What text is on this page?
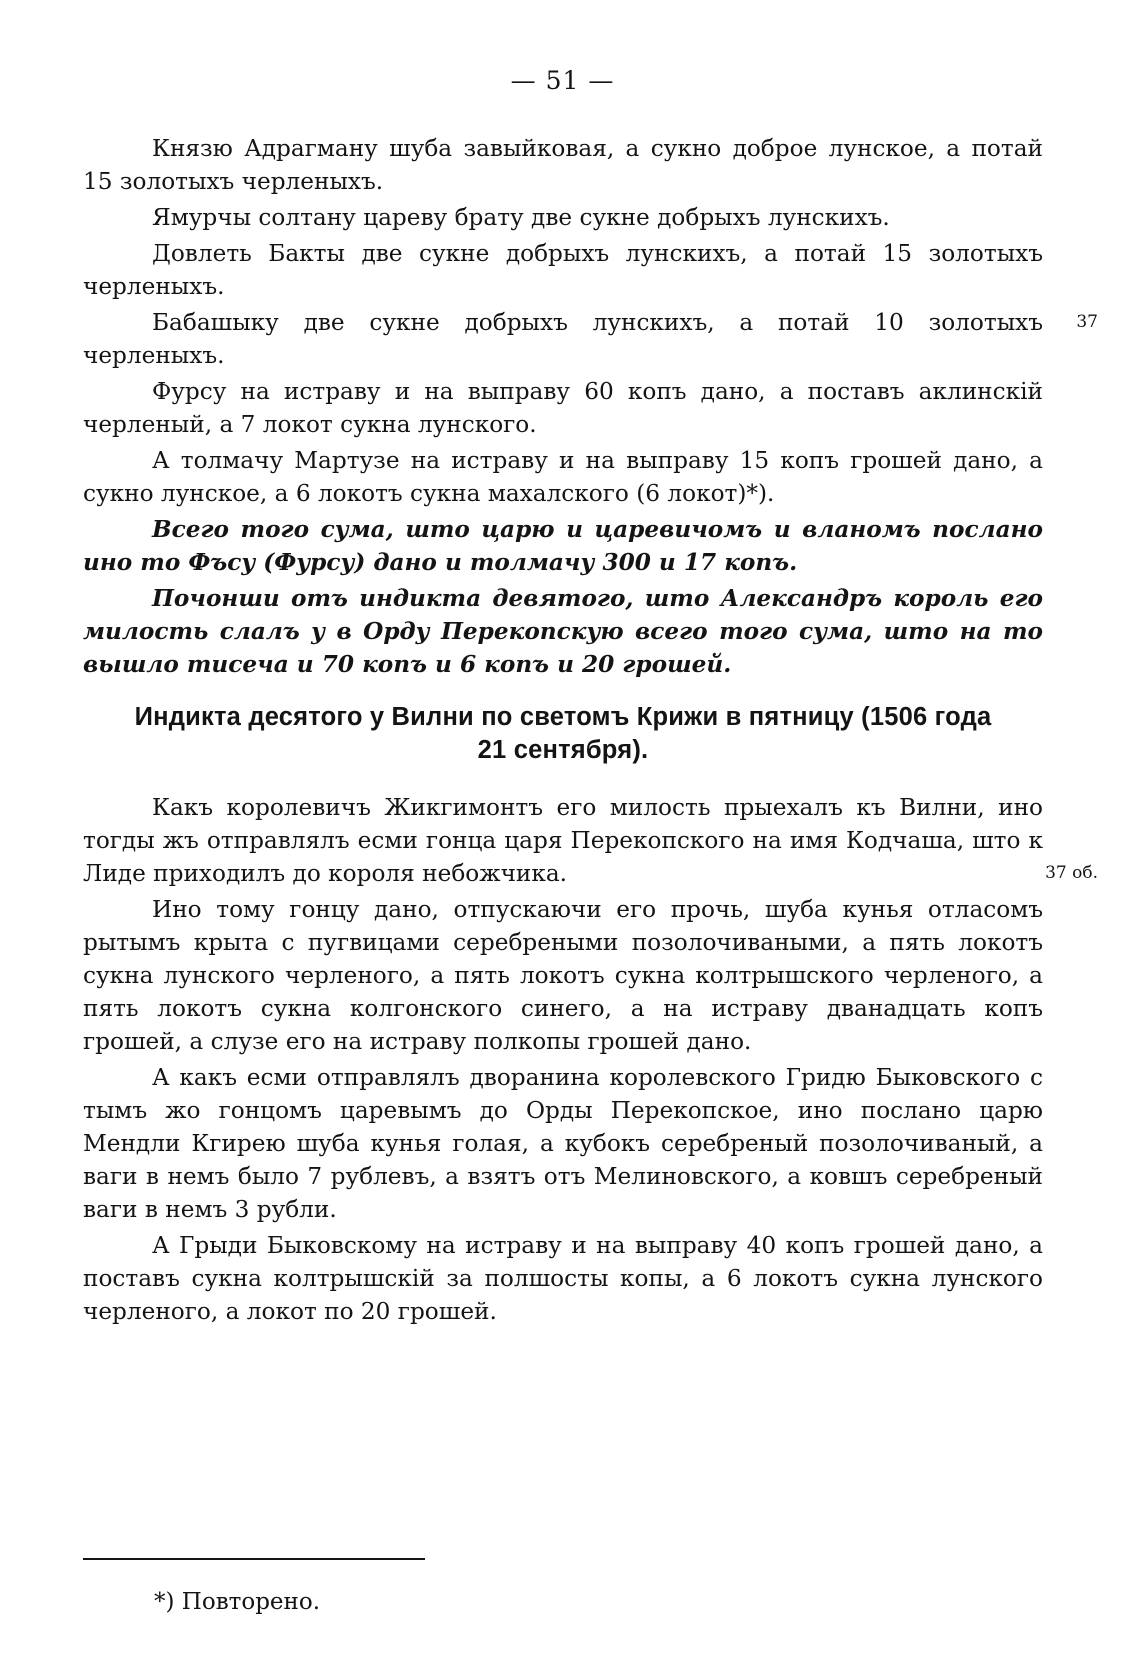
— 51 —

Князю Адрагману шуба завыйковая, а сукно доброе лунское, а потай 15 золотыхъ черленыхъ.

Ямурчы солтану цареву брату две сукне добрыхъ лунскихъ.

Довлеть Бакты две сукне добрыхъ лунскихъ, а потай 15 золотыхъ черленыхъ.

Бабашыку две сукне добрыхъ лунскихъ, а потай 10 золотыхъ черленыхъ.
37

Фурсу на истраву и на выправу 60 копъ дано, а поставъ аклинскій черленый, а 7 локот сукна лунского.

А толмачу Мартузе на истраву и на выправу 15 копъ грошей дано, а сукно лунское, а 6 локотъ сукна махалского (6 локот)*).

Всего того сума, што царю и царевичомъ и вланомъ послано ино то Фъсу (Фурсу) дано и толмачу 300 и 17 копъ.

Почонши отъ индикта девятого, што Александръ король его милость слалъ у в Орду Перекопскую всего того сума, што на то вышло тисеча и 70 копъ и 6 копъ и 20 грошей.

Индикта десятого у Вилни по светомъ Крижи в пятницу (1506 года
21 сентября).

Какъ королевичъ Жикгимонтъ его милость прыехалъ къ Вилни, ино тогды жъ отправлялъ есми гонца царя Перекопского на имя Кодчаша, што к Лиде приходилъ до короля небожчика.	37 об.

Ино тому гонцу дано, отпускаючи его прочь, шуба кунья отласомъ рытымъ крыта с пугвицами серебреными позолочиваными, а пять локотъ сукна лунского черленого, а пять локотъ сукна колтрышского черленого, а пять локотъ сукна колгонского синего, а на истраву дванадцать копъ грошей, а слузе его на истраву полкопы грошей дано.

А какъ есми отправлялъ дворанина королевского Гридю Быковского с тымъ жо гонцомъ царевымъ до Орды Перекопское, ино послано царю Мендли Кгирею шуба кунья голая, а кубокъ серебреный позолочиваный, а ваги в немъ было 7 рублевъ, а взятъ отъ Мелиновского, а ковшъ серебреный ваги в немъ 3 рубли.

А Грыди Быковскому на истраву и на выправу 40 копъ грошей дано, а поставъ сукна колтрышскій за полшосты копы, а 6 локотъ сукна лунского черленого, а локот по 20 грошей.

*) Повторено.
